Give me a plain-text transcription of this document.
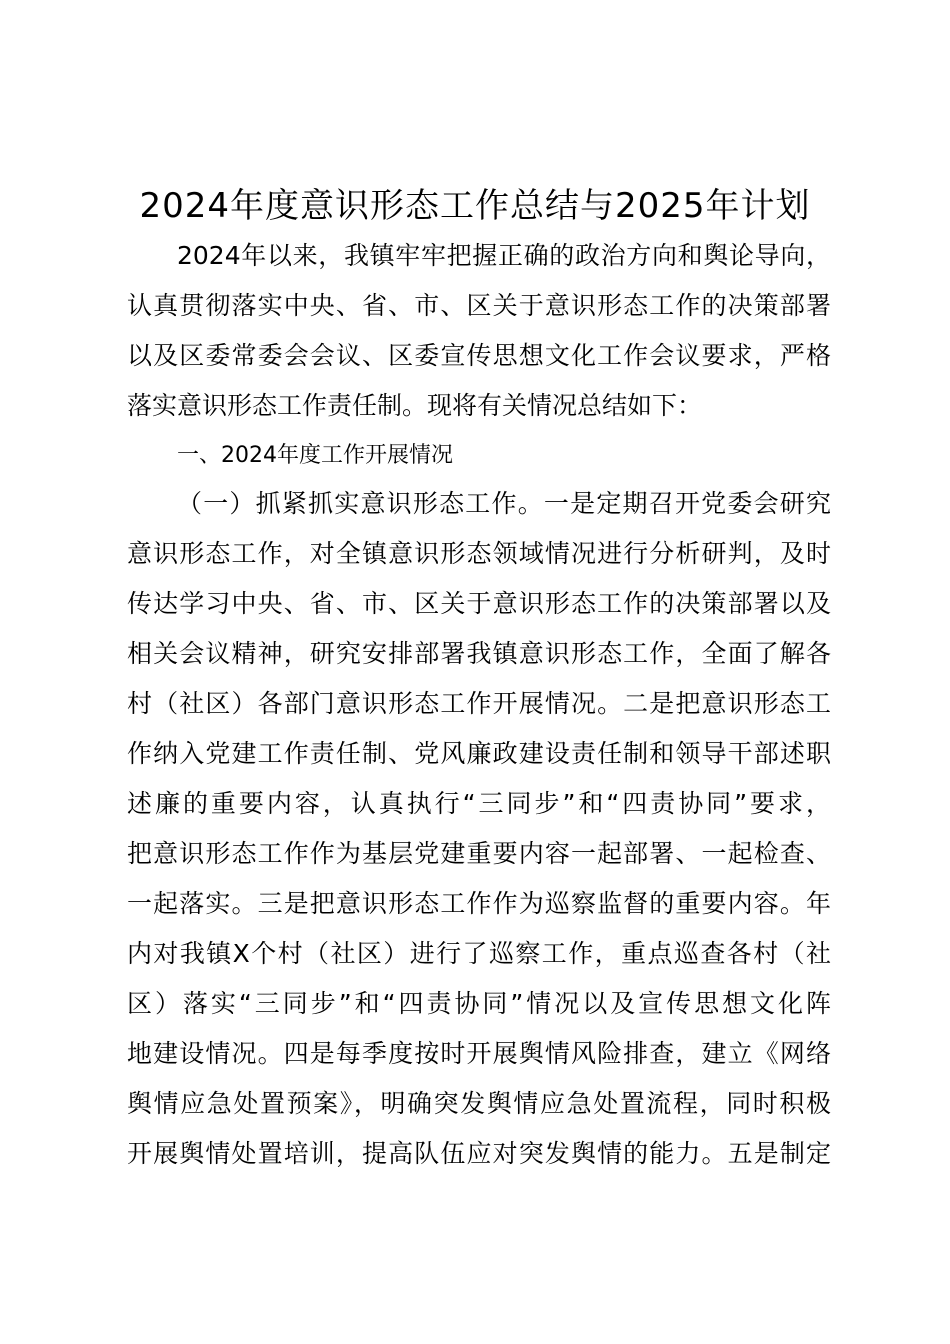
2024年度意识形态工作总结与2025年计划
2024年以来，我镇牢牢把握正确的政治方向和舆论导向，
认真贯彻落实中央、省、市、区关于意识形态工作的决策部署
以及区委常委会会议、区委宣传思想文化工作会议要求，严格
落实意识形态工作责任制。现将有关情况总结如下：
一、2024年度工作开展情况
（一）抓紧抓实意识形态工作。一是定期召开党委会研究
意识形态工作，对全镇意识形态领域情况进行分析研判，及时
传达学习中央、省、市、区关于意识形态工作的决策部署以及
相关会议精神，研究安排部署我镇意识形态工作，全面了解各
村（社区）各部门意识形态工作开展情况。二是把意识形态工
作纳入党建工作责任制、党风廉政建设责任制和领导干部述职
述廉的重要内容，认真执行“三同步”和“四责协同”要求，
把意识形态工作作为基层党建重要内容一起部署、一起检查、
一起落实。三是把意识形态工作作为巡察监督的重要内容。年
内对我镇X个村（社区）进行了巡察工作，重点巡查各村（社
区）落实“三同步”和“四责协同”情况以及宣传思想文化阵
地建设情况。四是每季度按时开展舆情风险排查，建立《网络
舆情应急处置预案》，明确突发舆情应急处置流程，同时积极
开展舆情处置培训，提高队伍应对突发舆情的能力。五是制定
